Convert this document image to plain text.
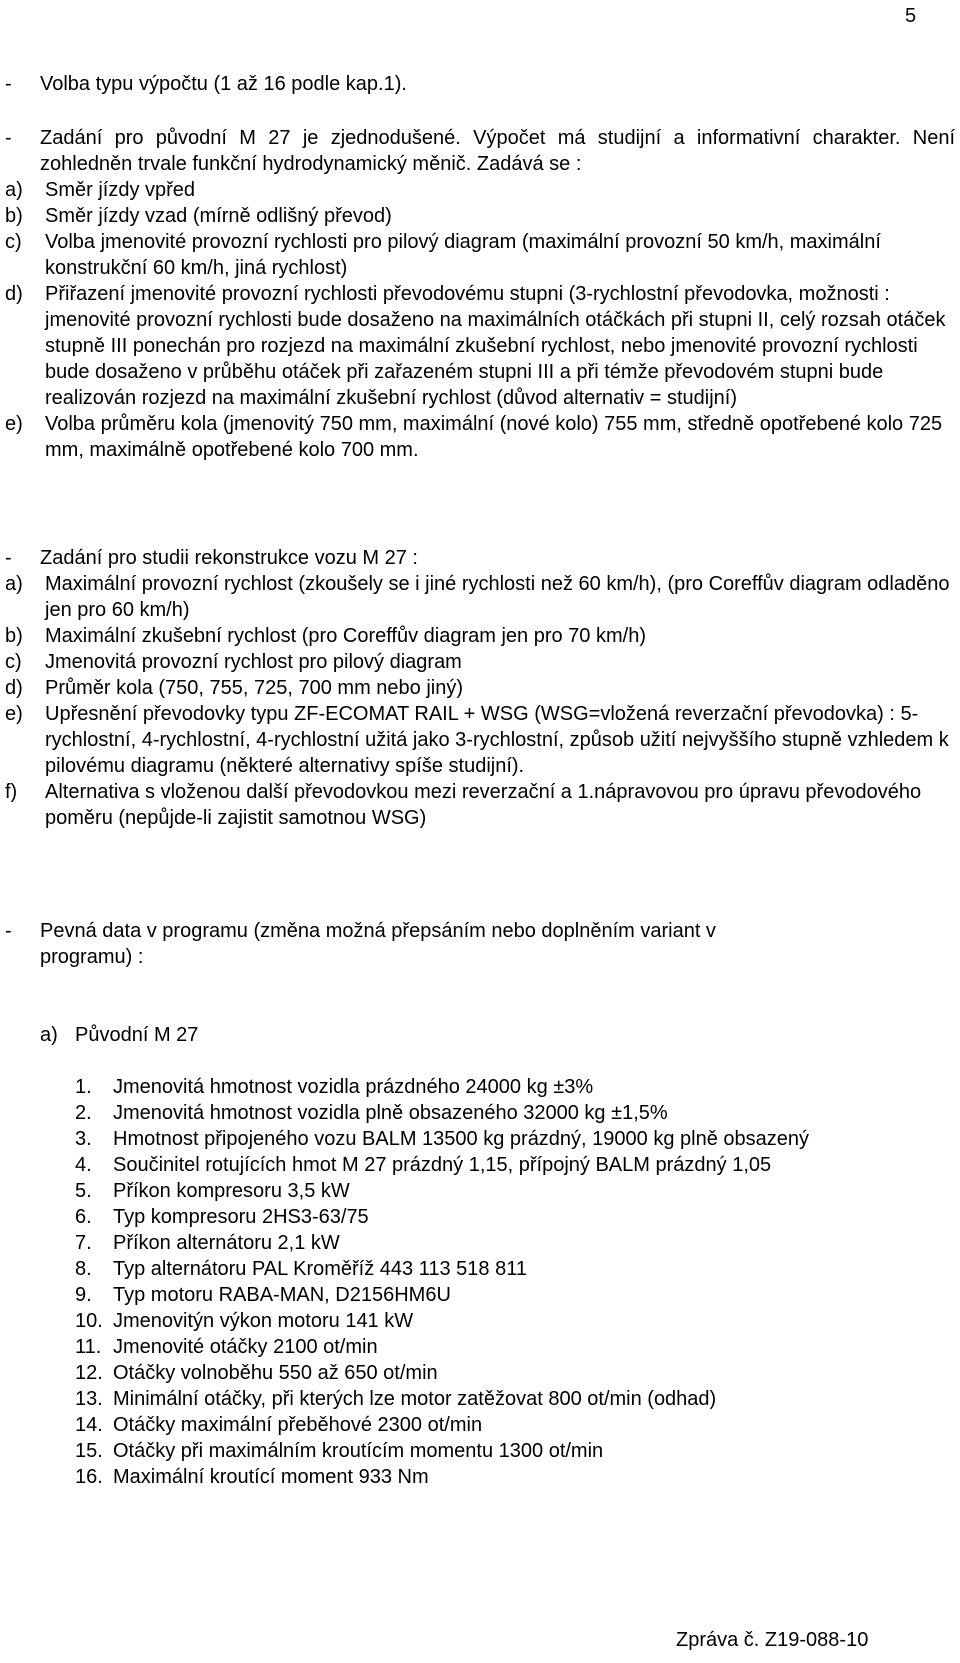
5
- Volba typu výpočtu (1 až 16 podle kap.1).
- Zadání pro původní M 27 je zjednodušené. Výpočet má studijní a informativní charakter. Není zohledněn trvale funkční hydrodynamický měnič. Zadává se :
a) Směr jízdy vpřed
b) Směr jízdy vzad (mírně odlišný převod)
c) Volba jmenovité provozní rychlosti pro pilový diagram (maximální provozní 50 km/h, maximální konstrukční 60 km/h, jiná rychlost)
d) Přiřazení jmenovité provozní rychlosti převodovému stupni (3-rychlostní převodovka, možnosti : jmenovité provozní rychlosti bude dosaženo na maximálních otáčkách při stupni II, celý rozsah otáček stupně III ponechán pro rozjezd na maximální zkušební rychlost, nebo jmenovité provozní rychlosti bude dosaženo v průběhu otáček při zařazeném stupni III a při témže převodovém stupni bude realizován rozjezd na maximální zkušební rychlost (důvod alternativ = studijní)
e) Volba průměru kola (jmenovitý 750 mm, maximální (nové kolo) 755 mm, středně opotřebené kolo 725 mm, maximálně opotřebené kolo 700 mm.
- Zadání pro studii rekonstrukce vozu M 27 :
a) Maximální provozní rychlost (zkoušely se i jiné rychlosti než 60 km/h), (pro Coreffův diagram odladěno jen pro 60 km/h)
b) Maximální zkušební rychlost (pro Coreffův diagram jen pro 70 km/h)
c) Jmenovitá provozní rychlost pro pilový diagram
d) Průměr kola (750, 755, 725, 700 mm nebo jiný)
e) Upřesnění převodovky typu ZF-ECOMAT RAIL + WSG (WSG=vložená reverzační převodovka) : 5-rychlostní, 4-rychlostní, 4-rychlostní užitá jako 3-rychlostní, způsob užití nejvyššího stupně vzhledem k pilovému diagramu (některé alternativy spíše studijní).
f) Alternativa s vloženou další převodovkou mezi reverzační a 1.nápravovou pro úpravu převodového poměru (nepůjde-li zajistit samotnou WSG)
- Pevná data v programu (změna možná přepsáním nebo doplněním variant v programu) :
a) Původní M 27
1. Jmenovitá hmotnost vozidla prázdného 24000 kg ±3%
2. Jmenovitá hmotnost vozidla plně obsazeného 32000 kg ±1,5%
3. Hmotnost připojeného vozu BALM 13500 kg prázdný, 19000 kg plně obsazený
4. Součinitel rotujících hmot M 27 prázdný 1,15, přípojný BALM prázdný 1,05
5. Příkon kompresoru 3,5 kW
6. Typ kompresoru 2HS3-63/75
7. Příkon alternátoru 2,1 kW
8. Typ alternátoru PAL Kroměříž 443 113 518 811
9. Typ motoru RABA-MAN, D2156HM6U
10. Jmenovitýn výkon motoru 141 kW
11. Jmenovité otáčky 2100 ot/min
12. Otáčky volnoběhu 550 až 650 ot/min
13. Minimální otáčky, při kterých lze motor zatěžovat 800 ot/min (odhad)
14. Otáčky maximální přeběhové 2300 ot/min
15. Otáčky při maximálním kroutícím momentu 1300 ot/min
16. Maximální kroutící moment 933 Nm
Zpráva č. Z19-088-10
